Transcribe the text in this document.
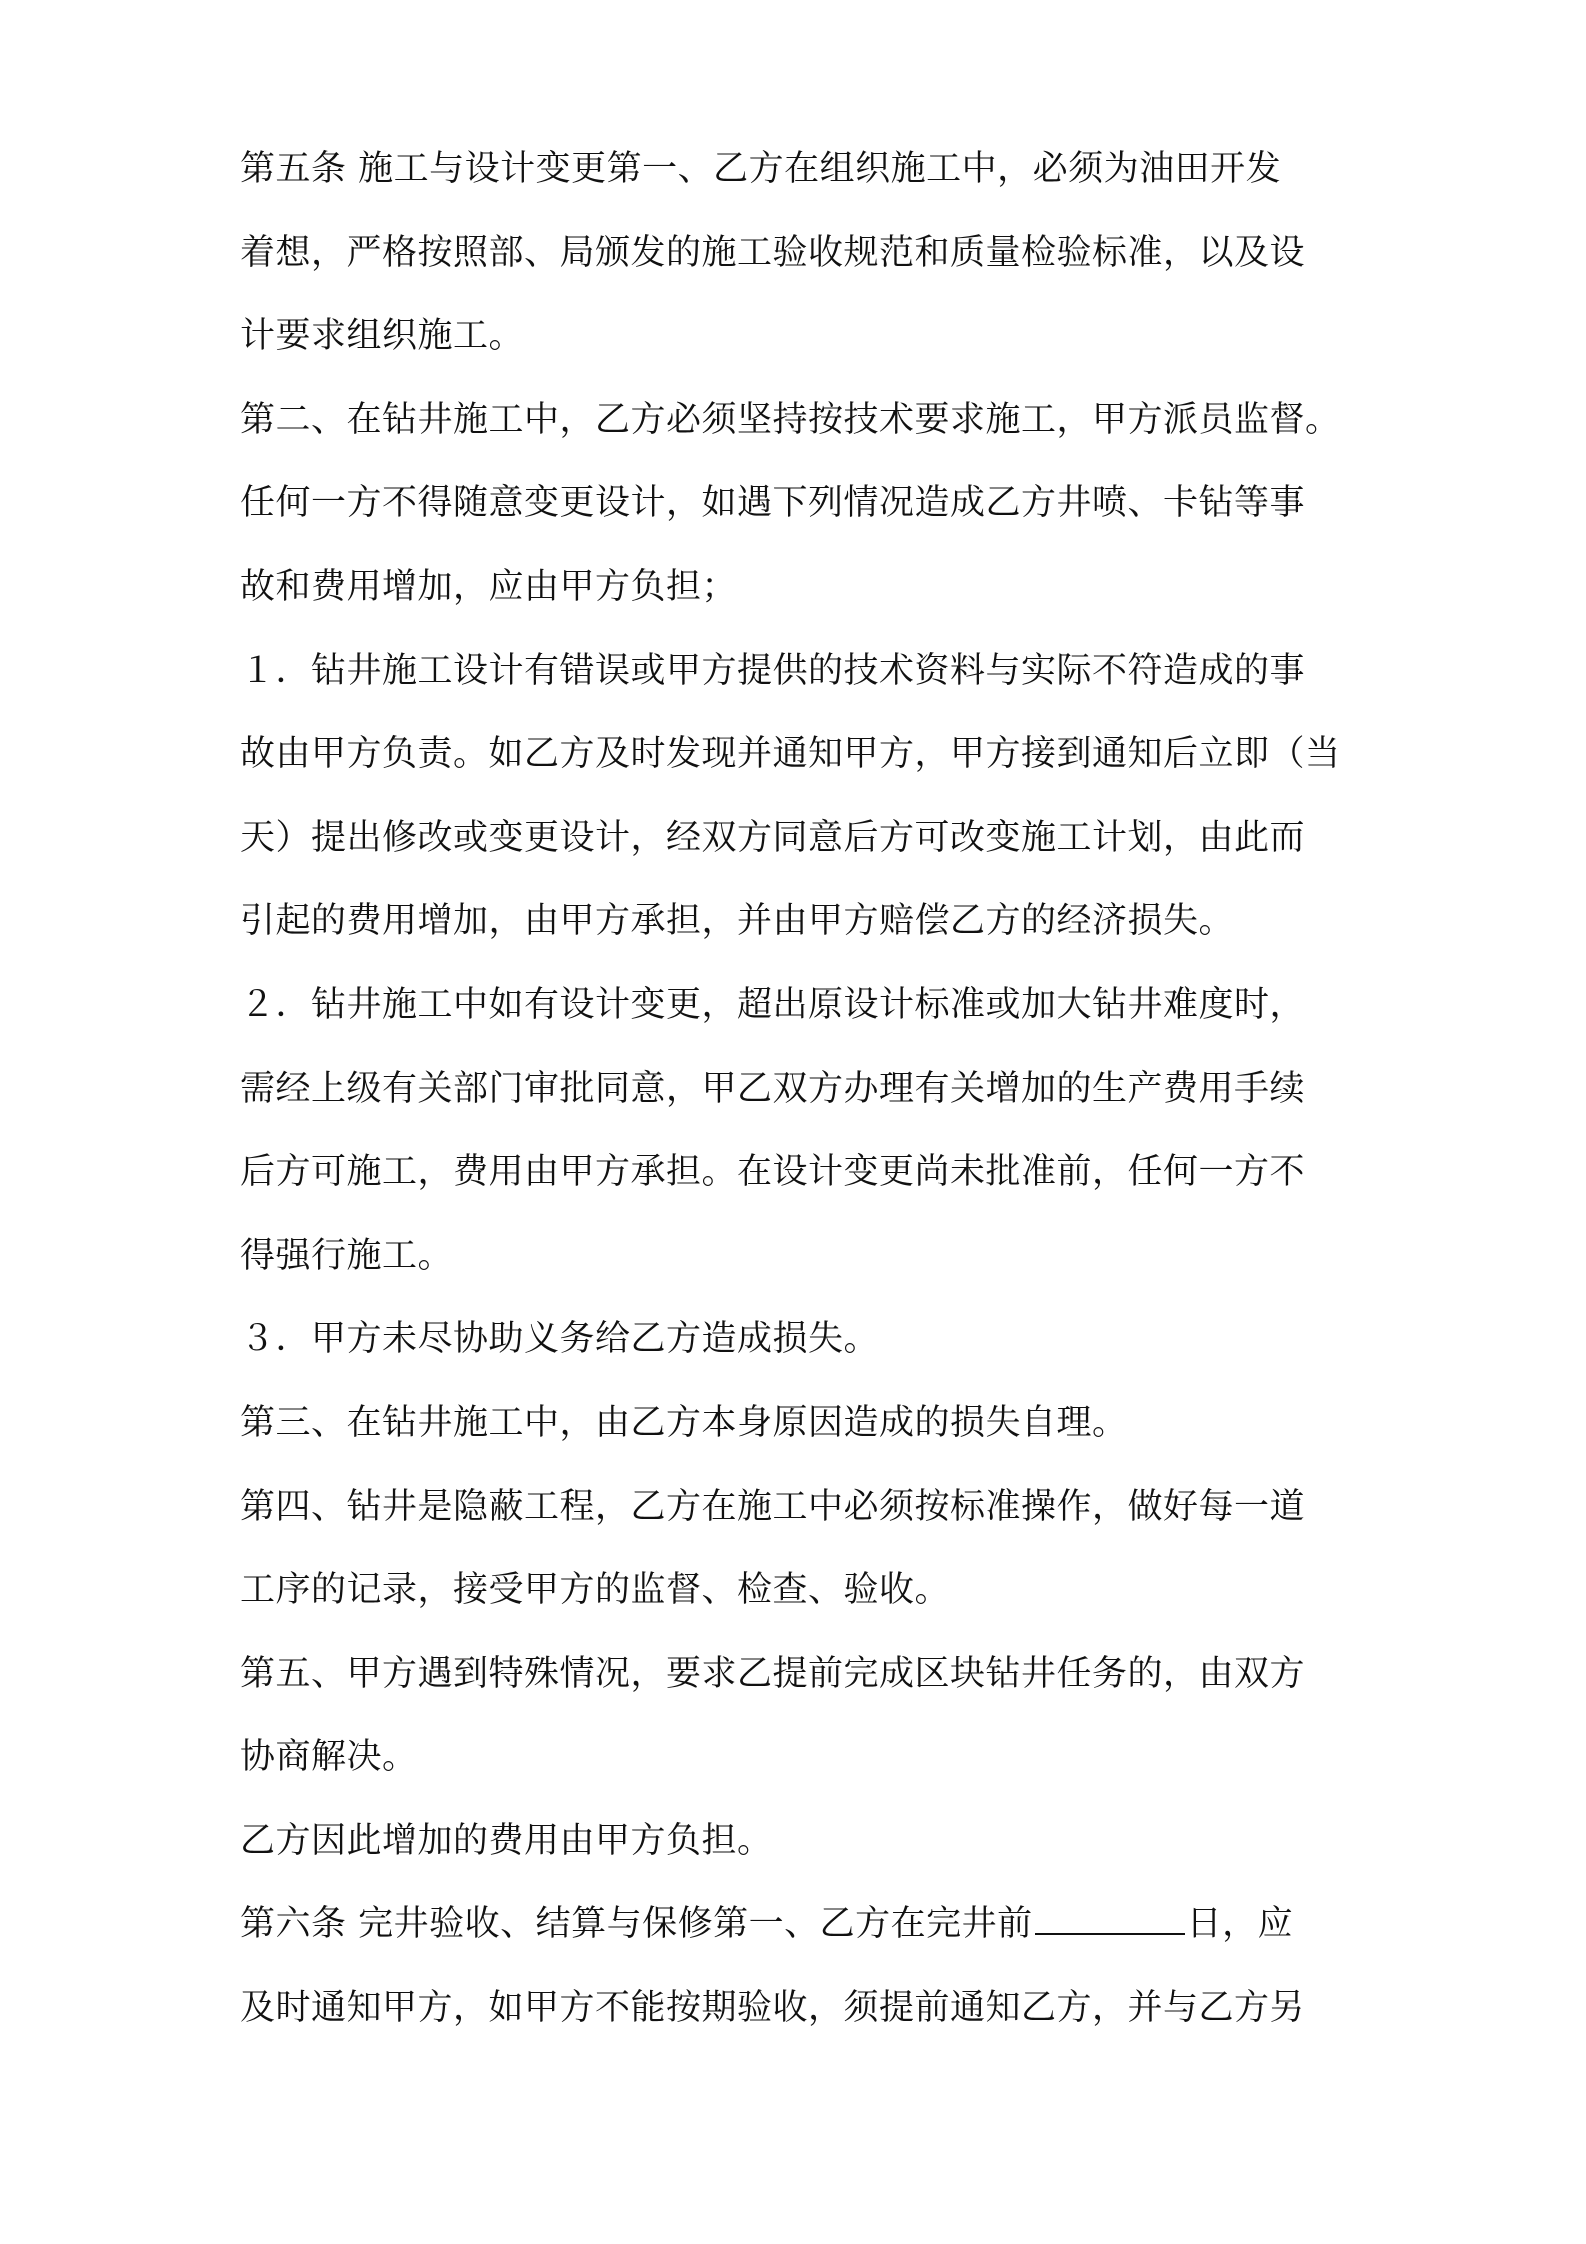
第五条 施工与设计变更第一、乙方在组织施工中，必须为油田开发
着想，严格按照部、局颁发的施工验收规范和质量检验标准，以及设
计要求组织施工。
第二、在钻井施工中，乙方必须坚持按技术要求施工，甲方派员监督。
任何一方不得随意变更设计，如遇下列情况造成乙方井喷、卡钻等事
故和费用增加，应由甲方负担；
１．钻井施工设计有错误或甲方提供的技术资料与实际不符造成的事
故由甲方负责。如乙方及时发现并通知甲方，甲方接到通知后立即（当
天）提出修改或变更设计，经双方同意后方可改变施工计划，由此而
引起的费用增加，由甲方承担，并由甲方赔偿乙方的经济损失。
２．钻井施工中如有设计变更，超出原设计标准或加大钻井难度时，
需经上级有关部门审批同意，甲乙双方办理有关增加的生产费用手续
后方可施工，费用由甲方承担。在设计变更尚未批准前，任何一方不
得强行施工。
３．甲方未尽协助义务给乙方造成损失。
第三、在钻井施工中，由乙方本身原因造成的损失自理。
第四、钻井是隐蔽工程，乙方在施工中必须按标准操作，做好每一道
工序的记录，接受甲方的监督、检查、验收。
第五、甲方遇到特殊情况，要求乙提前完成区块钻井任务的，由双方
协商解决。
乙方因此增加的费用由甲方负担。
第六条 完井验收、结算与保修第一、乙方在完井前	日，应
及时通知甲方，如甲方不能按期验收，须提前通知乙方，并与乙方另
